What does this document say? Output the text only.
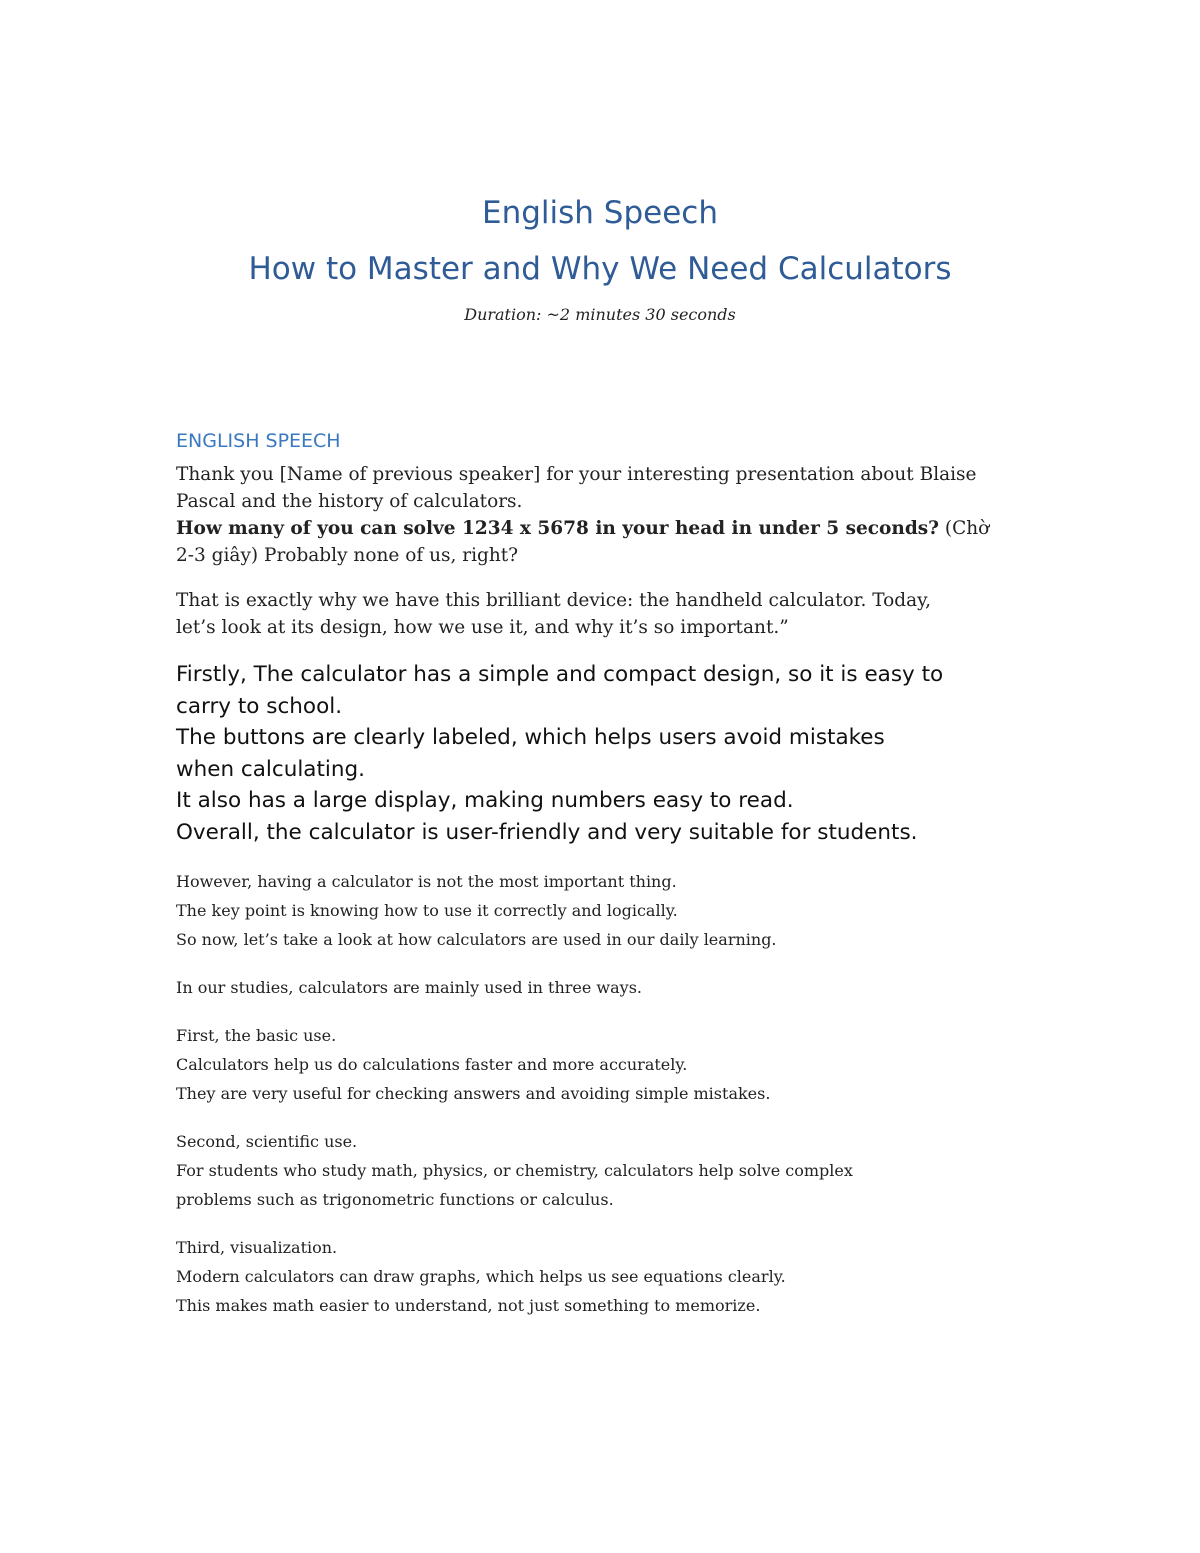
English Speech
How to Master and Why We Need Calculators
Duration: ~2 minutes 30 seconds
ENGLISH SPEECH

Thank you [Name of previous speaker] for your interesting presentation about Blaise

Pascal and the history of calculators.

How many of you can solve 1234 x 5678 in your head in under 5 seconds? (Chờ

2-3 giây) Probably none of us, right?

That is exactly why we have this brilliant device: the handheld calculator. Today,

let’s look at its design, how we use it, and why it’s so important.”

Firstly, The calculator has a simple and compact design, so it is easy to
carry to school.
The buttons are clearly labeled, which helps users avoid mistakes
when calculating.
It also has a large display, making numbers easy to read.
Overall, the calculator is user-friendly and very suitable for students.

However, having a calculator is not the most important thing.

The key point is knowing how to use it correctly and logically.

So now, let’s take a look at how calculators are used in our daily learning.

In our studies, calculators are mainly used in three ways.

First, the basic use.

Calculators help us do calculations faster and more accurately.

They are very useful for checking answers and avoiding simple mistakes.

Second, scientific use.

For students who study math, physics, or chemistry, calculators help solve complex

problems such as trigonometric functions or calculus.

Third, visualization.

Modern calculators can draw graphs, which helps us see equations clearly.

This makes math easier to understand, not just something to memorize.
